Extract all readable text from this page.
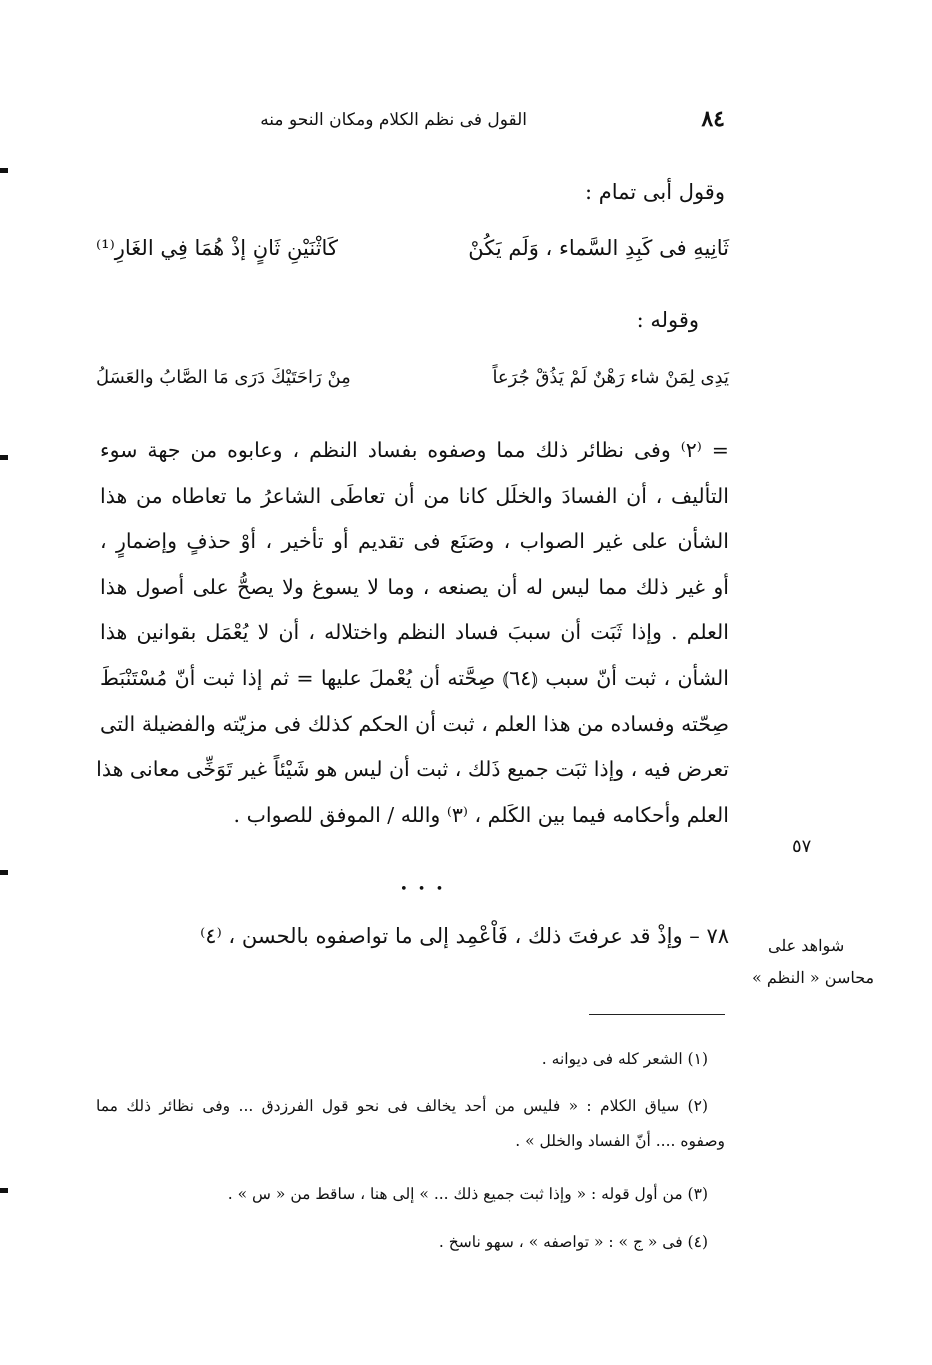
٨٤
القول فى نظم الكلام ومكان النحو منه
وقول أبى تمام :
ثَانِيهِ فى كَبِدِ السَّماء ، وَلَم يَكُنْ
كَاثْنَيْنِ ثَانٍ إذْ هُمَا فِي الغَارِ⁽¹⁾
وقوله :
يَدِى لِمَنْ شاء رَهْنٌ لَمْ يَذُقْ جُرَعاً
مِنْ رَاحَتَيْكَ دَرَى مَا الصَّابُ والعَسَلُ
= ⁽٢⁾ وفى نظائر ذلك مما وصفوه بفساد النظم ، وعابوه من جهة سوء
التأليف ، أن الفسادَ والخلَل كانا من أن تعاطَى الشاعرُ ما تعاطاه من هذا
الشأن على غير الصواب ، وصَنَع فى تقديم أو تأخير ، أوْ حذفٍ وإضمارٍ ،
أو غير ذلك مما ليس له أن يصنعه ، وما لا يسوغ ولا يصحُّ على أصول هذا
العلم . وإذا ثَبَت أن سببَ فساد النظم واختلاله ، أن لا يُعْمَل بقوانين هذا
الشأن ، ثبت أنّ سبب ⦅٦٤⦆ صِحَّته أن يُعْملَ عليها = ثم إذا ثبت أنّ مُسْتَنْبَطَ
صِحّته وفساده من هذا العلم ، ثبت أن الحكم كذلك فى مزيّته والفضيلة التى
تعرض فيه ، وإذا ثبَت جميع ذَلك ، ثبت أن ليس هو شَيْئاً غير تَوَخِّى معانى هذا
العلم وأحكامه فيما بين الكَلم ، ⁽٣⁾ والله / الموفق للصواب .
٥٧
• • •
٧٨ – وإذْ قد عرفتَ ذلك ، فَاْعْمِد إلى ما تواصفوه بالحسن ، ⁽٤⁾ شواهد على
محاسن « النظم »
(١) الشعر كله فى ديوانه .
(٢) سياق الكلام : « فليس من أحد يخالف فى نحو قول الفرزدق ... وفى نظائر ذلك مما
وصفوه .... أنّ الفساد والخلل » .
(٣) من أول قوله : « وإذا ثبت جميع ذلك ... » إلى هنا ، ساقط من « س » .
(٤) فى « ج » : « تواصفه » ، سهو ناسخ .
